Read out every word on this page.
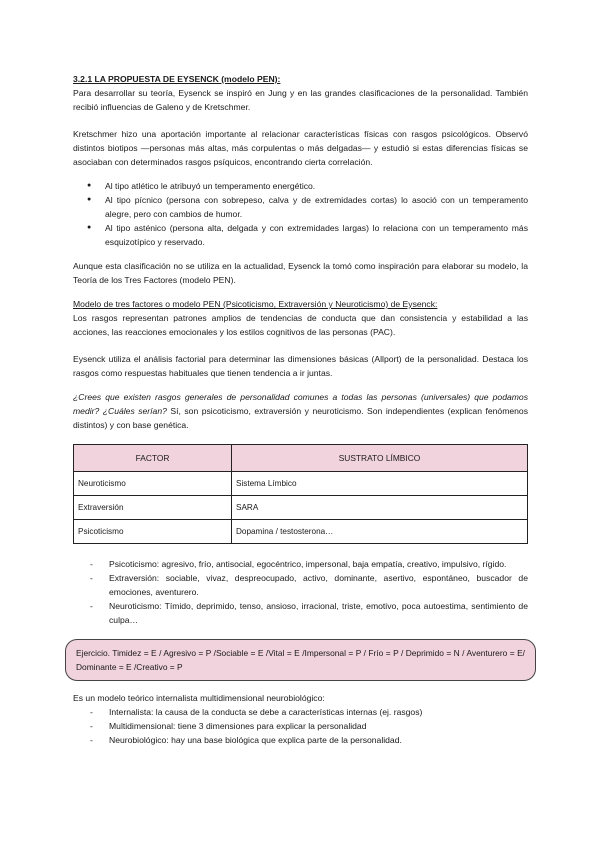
3.2.1 LA PROPUESTA DE EYSENCK (modelo PEN):

Para desarrollar su teoría, Eysenck se inspiró en Jung y en las grandes clasificaciones de la personalidad. También recibió influencias de Galeno y de Kretschmer.

Kretschmer hizo una aportación importante al relacionar características físicas con rasgos psicológicos. Observó distintos biotipos —personas más altas, más corpulentas o más delgadas— y estudió si estas diferencias físicas se asociaban con determinados rasgos psíquicos, encontrando cierta correlación.

● Al tipo atlético le atribuyó un temperamento energético.
● Al tipo pícnico (persona con sobrepeso, calva y de extremidades cortas) lo asoció con un temperamento alegre, pero con cambios de humor.
● Al tipo asténico (persona alta, delgada y con extremidades largas) lo relaciona con un temperamento más esquizotípico y reservado.

Aunque esta clasificación no se utiliza en la actualidad, Eysenck la tomó como inspiración para elaborar su modelo, la Teoría de los Tres Factores (modelo PEN).

Modelo de tres factores o modelo PEN (Psicoticismo, Extraversión y Neuroticismo) de Eysenck:

Los rasgos representan patrones amplios de tendencias de conducta que dan consistencia y estabilidad a las acciones, las reacciones emocionales y los estilos cognitivos de las personas (PAC).

Eysenck utiliza el análisis factorial para determinar las dimensiones básicas (Allport) de la personalidad. Destaca los rasgos como respuestas habituales que tienen tendencia a ir juntas.

¿Crees que existen rasgos generales de personalidad comunes a todas las personas (universales) que podamos medir? ¿Cuáles serían? Sí, son psicoticismo, extraversión y neuroticismo. Son independientes (explican fenómenos distintos) y con base genética.

FACTOR	SUSTRATO LÍMBICO
Neuroticismo	Sistema Límbico
Extraversión	SARA
Psicoticismo	Dopamina / testosterona…
- Psicoticismo: agresivo, frío, antisocial, egocéntrico, impersonal, baja empatía, creativo, impulsivo, rígido.
- Extraversión: sociable, vivaz, despreocupado, activo, dominante, asertivo, espontáneo, buscador de emociones, aventurero.
- Neuroticismo: Tímido, deprimido, tenso, ansioso, irracional, triste, emotivo, poca autoestima, sentimiento de culpa…
Ejercicio. Timidez = E / Agresivo = P /Sociable = E /Vital = E /Impersonal = P / Frío = P / Deprimido = N / Aventurero = E/ Dominante = E /Creativo = P
Es un modelo teórico internalista multidimensional neurobiológico:
- Internalista: la causa de la conducta se debe a características internas (ej. rasgos)
- Multidimensional: tiene 3 dimensiones para explicar la personalidad
- Neurobiológico: hay una base biológica que explica parte de la personalidad.
